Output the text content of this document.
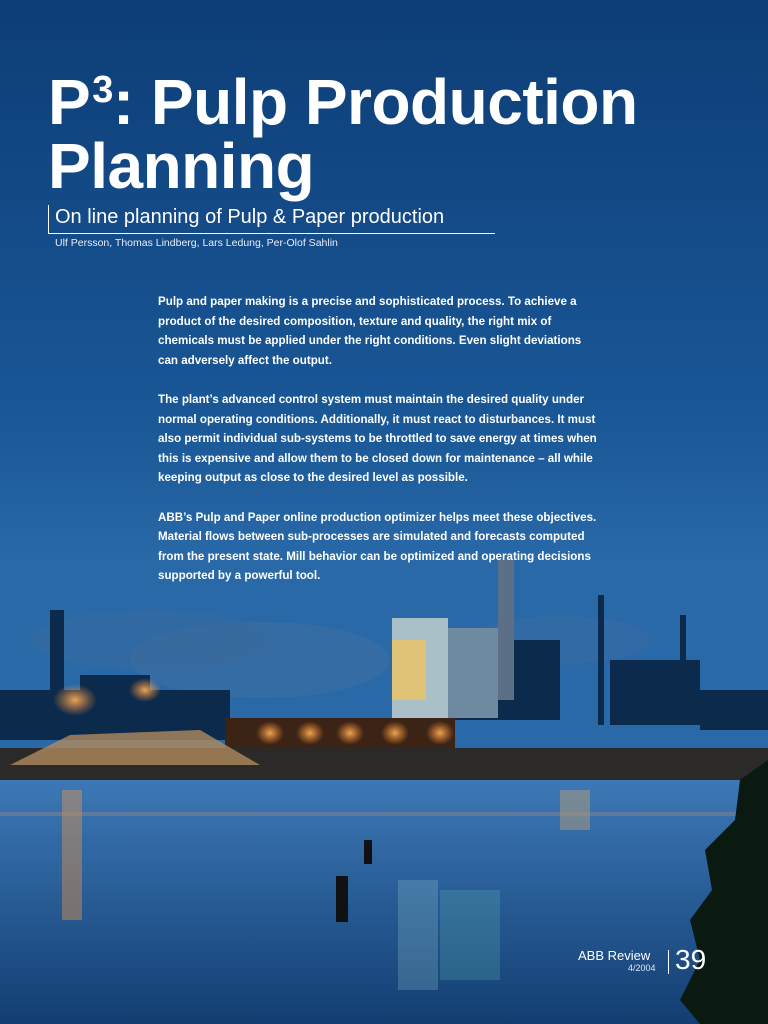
$P^3$: Pulp Production
Planning
On line planning of Pulp & Paper production
Ulf Persson, Thomas Lindberg, Lars Ledung, Per-Olof Sahlin

Pulp and paper making is a precise and sophisticated process. To achieve a product of the desired composition, texture and quality, the right mix of chemicals must be applied under the right conditions. Even slight deviations can adversely affect the output.

The plant’s advanced control system must maintain the desired quality under normal operating conditions. Additionally, it must react to disturbances. It must also permit individual sub-systems to be throttled to save energy at times when this is expensive and allow them to be closed down for maintenance – all while keeping output as close to the desired level as possible.

ABB’s Pulp and Paper online production optimizer helps meet these objectives. Material flows between sub-processes are simulated and forecasts computed from the present state. Mill behavior can be optimized and operating decisions supported by a powerful tool.

ABB Review
4/2004 39
